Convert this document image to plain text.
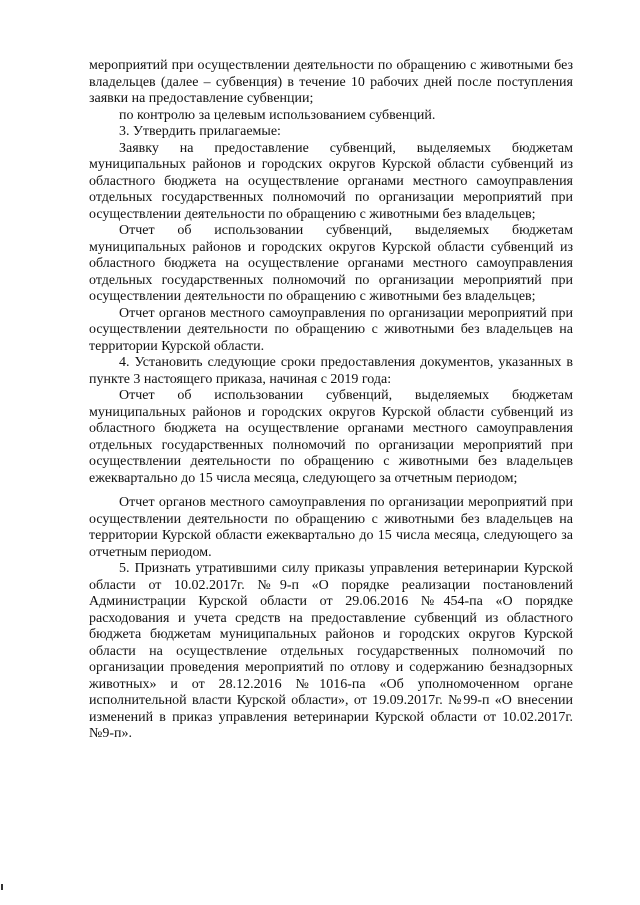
мероприятий при осуществлении деятельности по обращению с животными без владельцев (далее – субвенция) в течение 10 рабочих дней после поступления заявки на предоставление субвенции;

по контролю за целевым использованием субвенций.

3. Утвердить прилагаемые:

Заявку на предоставление субвенций, выделяемых бюджетам муниципальных районов и городских округов Курской области субвенций из областного бюджета на осуществление органами местного самоуправления отдельных государственных полномочий по организации мероприятий при осуществлении деятельности по обращению с животными без владельцев;

Отчет об использовании субвенций, выделяемых бюджетам муниципальных районов и городских округов Курской области субвенций из областного бюджета на осуществление органами местного самоуправления отдельных государственных полномочий по организации мероприятий при осуществлении деятельности по обращению с животными без владельцев;

Отчет органов местного самоуправления по организации мероприятий при осуществлении деятельности по обращению с животными без владельцев на территории Курской области.

4. Установить следующие сроки предоставления документов, указанных в пункте 3 настоящего приказа, начиная с 2019 года:

Отчет об использовании субвенций, выделяемых бюджетам муниципальных районов и городских округов Курской области субвенций из областного бюджета на осуществление органами местного самоуправления отдельных государственных полномочий по организации мероприятий при осуществлении деятельности по обращению с животными без владельцев ежеквартально до 15 числа месяца, следующего за отчетным периодом;

Отчет органов местного самоуправления по организации мероприятий при осуществлении деятельности по обращению с животными без владельцев на территории Курской области ежеквартально до 15 числа месяца, следующего за отчетным периодом.

5. Признать утратившими силу приказы управления ветеринарии Курской области от 10.02.2017г. №9-п «О порядке реализации постановлений Администрации Курской области от 29.06.2016 №454-па «О порядке расходования и учета средств на предоставление субвенций из областного бюджета бюджетам муниципальных районов и городских округов Курской области на осуществление отдельных государственных полномочий по организации проведения мероприятий по отлову и содержанию безнадзорных животных» и от 28.12.2016 №1016-па «Об уполномоченном органе исполнительной власти Курской области», от 19.09.2017г. №99-п «О внесении изменений в приказ управления ветеринарии Курской области от 10.02.2017г. №9-п».
